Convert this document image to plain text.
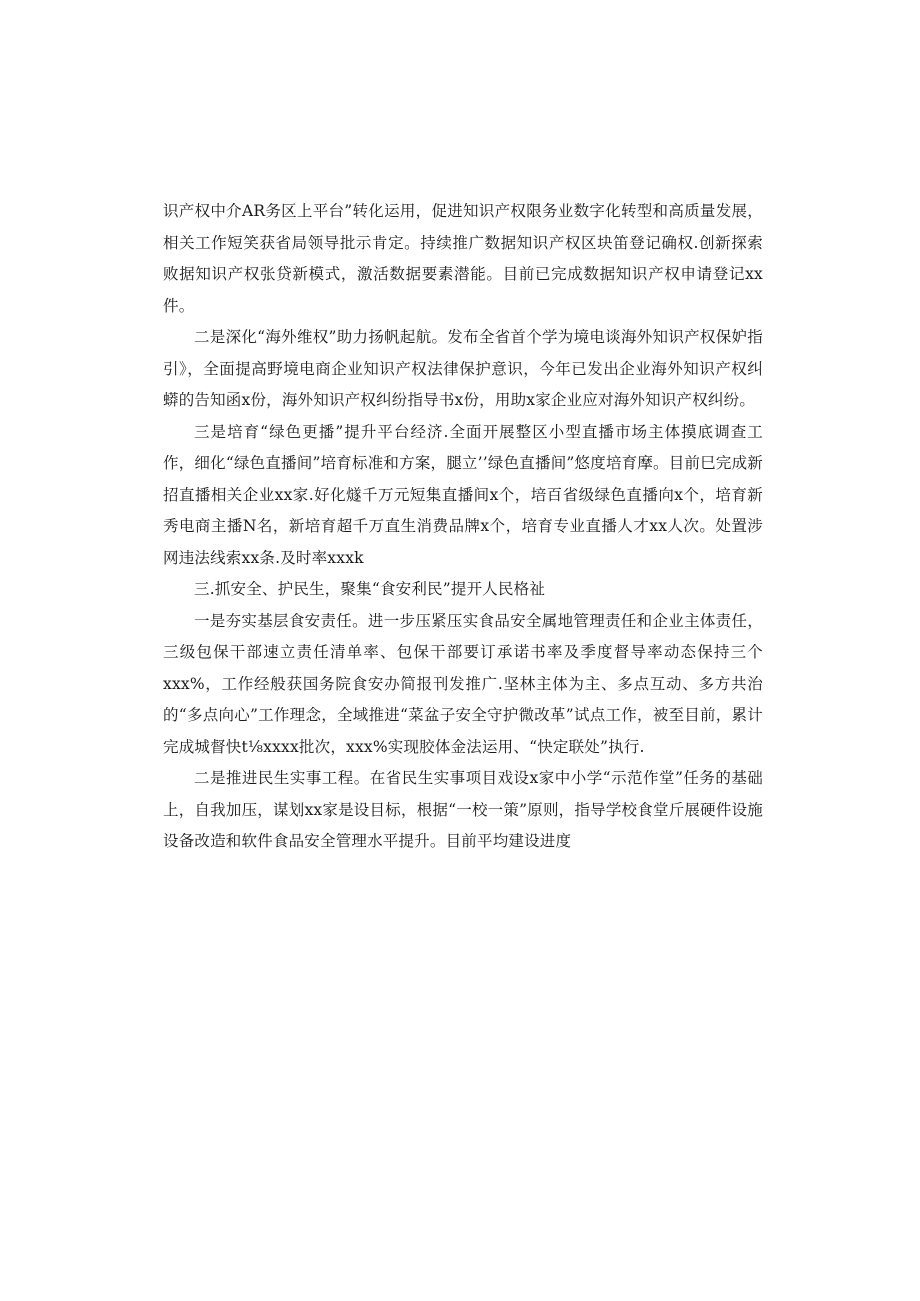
识产权中介AR务区上平台”转化运用，促进知识产权限务业数字化转型和高质量发展，相关工作短笑获省局领导批示肯定。持续推广数据知识产权区块笛登记确权.创新探索败据知识产权张贷新模式，激活数据要素潜能。目前已完成数据知识产权申请登记xx件。

二是深化“海外维权”助力扬帆起航。发布全省首个学为境电谈海外知识产权保妒指引》，全面提高野境电商企业知识产权法律保护意识，今年已发出企业海外知识产权纠蟒的告知函x份，海外知识产权纠纷指导书x份，用助x家企业应对海外知识产权纠纷。

三是培育“绿色更播”提升平台经济.全面开展整区小型直播市场主体摸底调查工作，细化“绿色直播间”培育标准和方案，腿立’’绿色直播间”悠度培育摩。目前巳完成新招直播相关企业xx家.好化燧千万元短集直播间x个，培百省级绿色直播向x个，培育新秀电商主播N名，新培育超千万直生消费品牌x个，培育专业直播人才xx人次。处置涉网违法线索xx条.及时率xxxk

三.抓安全、护民生，聚集“食安利民”提开人民格祉

一是夯实基层食安责任。进一步压紧压实食品安全属地管理责任和企业主体责任，三级包保干部速立责任清单率、包保干部要订承诺书率及季度督导率动态保持三个xxx%，工作经般获国务院食安办简报刊发推广.坚林主体为主、多点互动、多方共治的“多点向心”工作理念，全域推进“菜盆子安全守护微改革”试点工作，被至目前，累计完成城督快t⅛xxxx批次，xxx%实现胶体金法运用、“快定联处”执行.

二是推进民生实事工程。在省民生实事项目戏设x家中小学“示范作堂”任务的基础上，自我加压，谋划xx家是设目标，根据“一校一策”原则，指导学校食堂斤展硬件设施设备改造和软件食品安全管理水平提升。目前平均建设进度
